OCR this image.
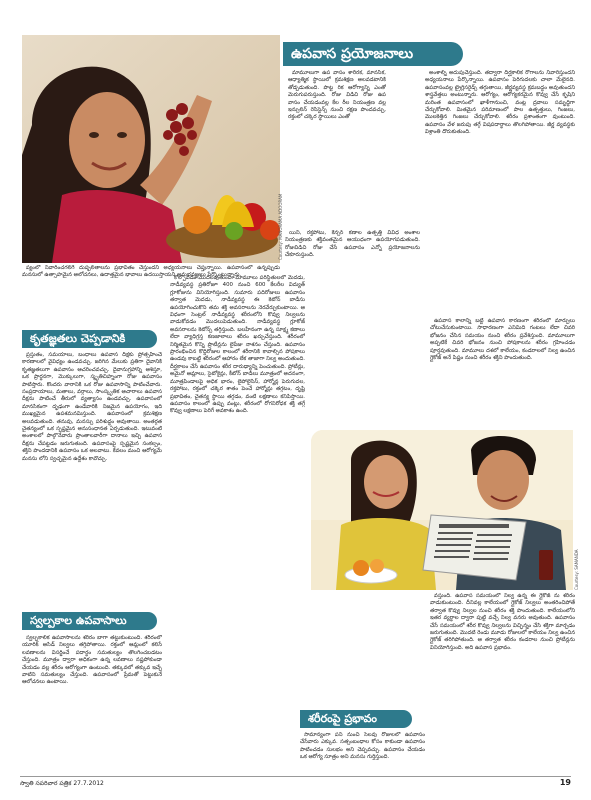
Courtesy: MANORAMA ADOORAM
ఉపవాస ప్రయోజనాలు

మామూలుగా ఉప వాసం శారీరక, మానసిక, ఆధ్యాత్మిక స్థాయిలో క్రమశిక్షణ అలవడటానికి తోడ్పడుతుంది. పొట్ట రిక ఆరోగ్యాన్ని ఎంతో మెరుగుపరుస్తుంది. రోజు విడిచి రోజు ఉప వాసం చేయడంవల్ల కేల రీల నియంత్రణ వల్ల ఇన్సులిన్ రెసిస్టెన్స్ నుంచి రక్షణ పొందవచ్చు, రక్తంలో చక్కెర స్థాయిలు ఎంతో

అంశాల్ని అదుపుచేస్తుంది. తద్వారా దీర్ఘకాలిక రోగాలను నివారిస్తుందని అధ్యయనాలు పేర్కొన్నాయి. ఉపవాసం పెరిగుదలకు చాలా మేలైనది. ఉపవాసంవల్ల ట్రైగ్లిసరైడ్స్ తగ్గుతాయి, జీర్ణవ్యవస్థ క్రమబద్ధం అవుతుందని శాస్త్రవేత్తలు అంటున్నారు. ఆరోగ్యం, ఆరోగ్యకరమైన కొవ్వు చేసే కృషిని మరింత ఉపవాసంలో ఖాళీగానుంచి, వంట్ల ద్రవాలు సమృద్ధిగా చేర్చుకోవాలి. మితమైన పరిమాణంలో పాల ఉత్పత్తులు, గింజలు, మొలకెత్తిన గింజలు చేర్చుకోవాలి. శరీరం ప్రశాంతంగా వుంటుంది. ఉపవాసం వేళ జరుపు తగ్గే విషపదార్థాలు తొలగిపోతాయి. జీర్ణ వ్యవస్థకు విశ్రాంతి దొరుకుతుంది.

యిని, రక్తపోటు, కేన్సర్ కణాల ఉత్పత్తి వివిధ అంశాల నియంత్రణకు శక్తివంతమైన ఆయుధంగా ఉపయోగపడుతుంది. రోజువిడిచి రోజు చేసే ఉపవాసం ఎన్నో ప్రయోజనాలను చేకూరుస్తుంది.

ప్యంలో నివారించగలిగే దుష్ఫలితాలను ప్రభావితం చేస్తుందని అధ్యయనాలు చెప్తున్నాయి. ఉపవాసంలో ఉన్నప్పుడు మనసులో ఉత్సాహమైన ఆలోచనలు, ఉదాత్తమైన భావాలు ఉదయిస్తాయని అనుభవజ్ఞులు పేర్కొంటున్నారు.

కృతజ్ఞతలు చెప్పడానికి

ప్రస్తుతం, సమయాలు, బంధాలు ఉపవాస దీక్షకు ప్రోత్సహించే కారణాలలో వైవిధ్యం ఉండవచ్చు. జరిగిన మేలుకు ప్రతిగా దైవానికి కృతజ్ఞతలుగా ఉపవాసం ఆచరించవచ్చు. దైవానుగ్రహాన్ని ఆశిస్తూ, ఒక ప్రార్థనగా, మొక్కులుగా, స్మృతిచిహ్నంగా రోజు ఉపవాసం పాటిస్తారు. కొందరు వారానికి ఒక రోజు ఉపవాసాన్ని పాటించేవారు. సంప్రదాయాలు, మతాలు, వర్గాలు, సాంస్కృతిక ఆచారాలు ఉపవాస దీక్షను పాటించే తీరులో వ్యత్యాసం ఉండవచ్చు. ఉపవాసంలో మానసికంగా దృఢంగా ఉండేవారికి నిజమైన ఉపయోగం, ఇది ముఖ్యమైన ఉపశమనమిస్తుంది. ఉపవాసంలో క్రమశిక్షణ అలవడుతుంది. తనువు, మనస్సు పరిశుద్ధం అవుతాయి. అంతర్గత చైతన్యంలో ఒక స్పష్టమైన అనుసంధానత ఏర్పడుతుంది. ఇటువంటి అంశాలలో పాల్గొనేవారు ప్రాంతాలవారీగా దానాలు ఇచ్చి ఉపవాస దీక్షను చేపట్టడం జరుగుతుంది. ఉపవాసంపై స్పష్టమైన సంకల్పం, శక్తిని పొందడానికి ఉపవాసం ఒక అలవాటు. కేవలం మంచి ఆరోగ్యమే మనసు లోని స్వచ్ఛమైన ఉద్దేశం కావొచ్చు.

స్వల్పకాల ఉపవాసాలు

స్వల్పకాలిక ఉపవాసాలను శరీరం బాగా తట్టుకుంటుంది. శరీరంలో యూరిక్ ఆసిడ్ నిల్వలు తగ్గిపోతాయి. రక్తంలో ఆమ్లంలో కలిసే లవణాలను విసర్జించే పదార్థం సమతుల్యం తొలగించబడటం చేస్తుంది. మూత్రం ద్వారా అధికంగా ఉన్న లవణాలు నష్టపోకుండా చేయడం వల్ల శరీరం ఆరోగ్యంగా ఉంటుంది. తక్కువలో తక్కువ ఇచ్చే వాటిని సమతుల్యం చేస్తుంది. ఉపవాసంలో ప్రేమతో పెట్టుకునే ఆలోచనలు ఉంటాయి.

కోల్పోవడం మొదలవుతుంది. మామూలు పరిస్థితులలో మెదడు, నాడీవ్యవస్థ ప్రతిరోజూ 400 నుంచి 600 కేలరీల విద్యుత్ గ్లూకోజును వినియోగిస్తుంది. సుమారు పదిరోజులు ఉపవాసం తర్వాత మెదడు, నాడీవ్యవస్థ ఈ కెటోన్ బాడీసు ఉపయోగించుకొని తమ శక్తి అవసరాలను నెరవేర్చుకుంటాయి. ఆ విధంగా సెంట్రల్ నాడీవ్యవస్థ శరీరంలోని కొవ్వు నిల్వలను వాడుకోవడం మొదలుపెడుతుంది. నాడీవ్యవస్థ గ్లూకోజ్ అవసరాలను కెటోన్స్ తగ్గిస్తుంది. బలహీనంగా ఉన్న సూక్ష్మ కణాలు లేదా వ్యాధిగ్రస్త కణజాలాలు శరీరం ఖర్చుచేస్తుంది. శరీరంలో నిర్మితమైన కొన్ని ప్రొటీన్లను లైపేజు నాశనం చేస్తుంది. ఉపవాసం ప్రారంభించిన కొద్దిరోజుల కాలంలో శరీరానికి కావాల్సిన పోషకాలు ఉండవు కాబట్టి శరీరంలో ఆహారం లేక తాజాగా నిల్వ అందుతుంది. దీర్ఘకాలం చేసే ఉపవాసం శరీర దారుఢ్యాన్ని పెంచుతుంది. ప్రోటీన్లు, అమైనో ఆమ్లాలు, సైటోకైన్లు, కీటోన్ బాడీలు మూత్రంలో అదనంగా, మూత్రపిండాలపై అధిక భారం, లైపోలైసిస్, హార్మోన్ల పెరుగుదల, రక్తపోటు, రక్తంలో చక్కెర శాతం పెంచే హార్మోన్లు తగ్గటం, దృష్టి ప్రభావితం, చైతన్య స్థాయి తగ్గడం, వంటి లక్షణాలు కనిపిస్తాయి. ఉపవాసం కాలంలో ఉప్పు వంట్లు, శరీరంలో రోగనిరోధక శక్తి తగ్గే కొవ్వు లక్షణాలు పెరిగే అవకాశం ఉంది.

ఉపవాస కాలాన్ని బట్టి ఉపవాస కారణంగా శరీరంలో మార్పులు చోటుచేసుకుంటాయి. సాధారణంగా ఎనిమిది గంటలు లేదా చివరి భోజనం చేసిన సమయం నుంచి శరీరం ప్రవేశిస్తుంది. మామూలుగా అప్పటికే చివరి భోజనం నుంచి పోషకాలను శరీరం గ్రహించడం పూర్తవుతుంది. మామూలు దశలో కాలేయం, కండరాలలో నిల్వ ఉంచిన గ్లైకోజ్ అనే పిష్టం నుంచి శరీరం శక్తిని పొందుతుంది.

Courtesy: SAMANDA

వస్తుంది. ఉపవాస సమయంలో నిల్వ ఉన్న ఈ గ్లైకోజ్ ను శరీరం వాడుకుంటుంది. దీనివల్ల కాలేయంలో గ్లైకోజ్ నిల్వలు అంతరించిపోతే తర్వాత కొవ్వు నిల్వల నుంచి శరీరం శక్తి పొందుతుంది. కాలేయంలోని ఇతర వ్యర్థాల ద్వారా పుట్టి వచ్చే నిల్వ వనరు అవుతుంది. ఉపవాసం చేసే సమయంలో శరీర కొవ్వు నిల్వలను విచ్ఛిన్నం చేసి శక్తిగా మార్చడం జరుగుతుంది. మొదటి రెండు మూడు రోజులలో కాలేయం నిల్వ ఉంచిన గ్లైకోజ్ తరిగిపోతుంది. ఆ తర్వాత శరీరం కండరాల నుంచి ప్రోటీన్లను వినియోగిస్తుంది. అది ఉపవాస ప్రభావం.

శరీరంపై ప్రభావం

సామాన్యంగా పని నుంచి సెలవు రోజులలో ఉపవాసం చేసేవారు ఎక్కువ. సత్సంబంధాల కోసం కాకుండా ఉపవాసం పాటించడం సులభం అని చెప్పవచ్చు. ఉపవాసం చేయడం ఒక ఆరోగ్య సూత్రం అని మనసు గుర్తిస్తుంది.

స్వాతి సపరివార పత్రిక 27.7.2012	19
